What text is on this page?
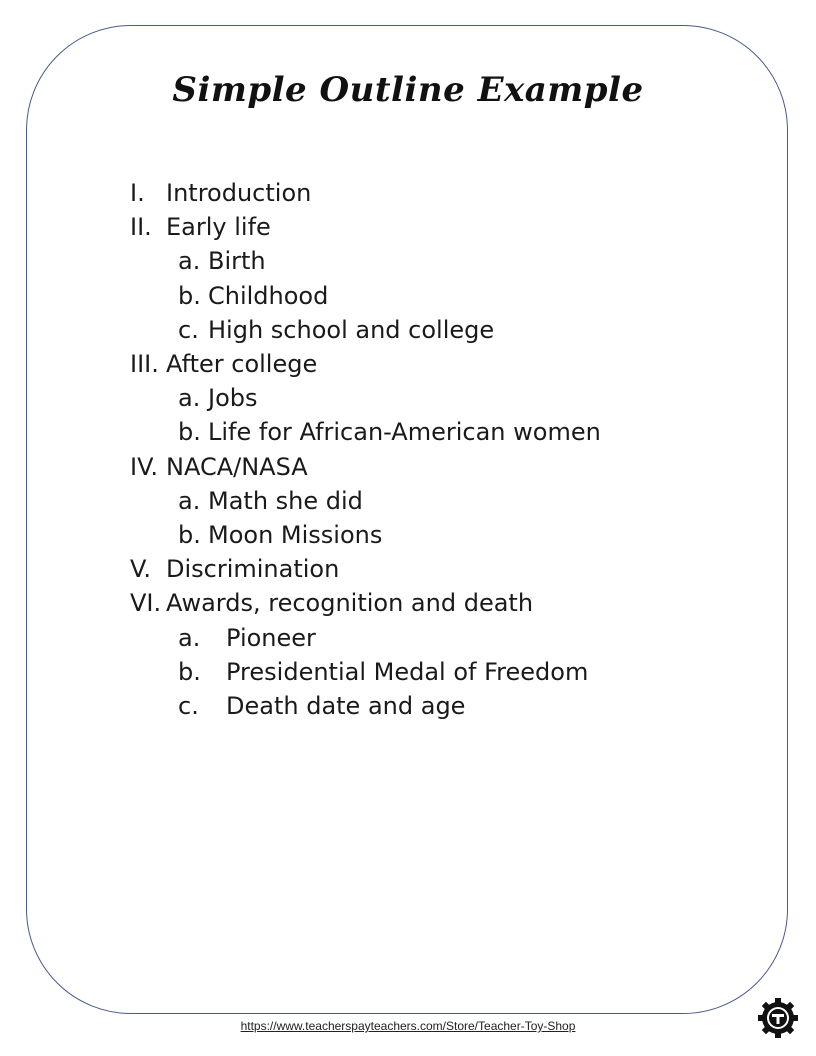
Simple Outline Example
I. Introduction
II. Early life
a. Birth
b. Childhood
c. High school and college
III. After college
a. Jobs
b. Life for African-American women
IV. NACA/NASA
a. Math she did
b. Moon Missions
V. Discrimination
VI. Awards, recognition and death
a.	Pioneer
b.	Presidential Medal of Freedom
c.	Death date and age
https://www.teacherspayteachers.com/Store/Teacher-Toy-Shop
